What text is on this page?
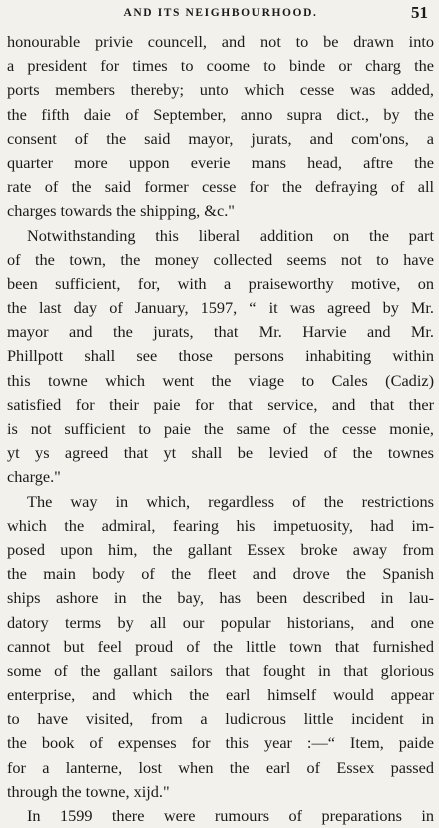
AND ITS NEIGHBOURHOOD.	51
honourable privie councell, and not to be drawn into
a president for times to coome to binde or charg the
ports members thereby; unto which cesse was added,
the fifth daie of September, anno supra dict., by the
consent of the said mayor, jurats, and com'ons, a
quarter more uppon everie mans head, aftre the
rate of the said former cesse for the defraying of all
charges towards the shipping, &c."
Notwithstanding this liberal addition on the part
of the town, the money collected seems not to have
been sufficient, for, with a praiseworthy motive, on
the last day of January, 1597, “ it was agreed by Mr.
mayor and the jurats, that Mr. Harvie and Mr.
Phillpott shall see those persons inhabiting within
this towne which went the viage to Cales (Cadiz)
satisfied for their paie for that service, and that ther
is not sufficient to paie the same of the cesse monie,
yt ys agreed that yt shall be levied of the townes
charge."
The way in which, regardless of the restrictions
which the admiral, fearing his impetuosity, had im-
posed upon him, the gallant Essex broke away from
the main body of the fleet and drove the Spanish
ships ashore in the bay, has been described in lau-
datory terms by all our popular historians, and one
cannot but feel proud of the little town that furnished
some of the gallant sailors that fought in that glorious
enterprise, and which the earl himself would appear
to have visited, from a ludicrous little incident in
the book of expenses for this year :—“ Item, paide
for a lanterne, lost when the earl of Essex passed
through the towne, xijd."
In 1599 there were rumours of preparations in
